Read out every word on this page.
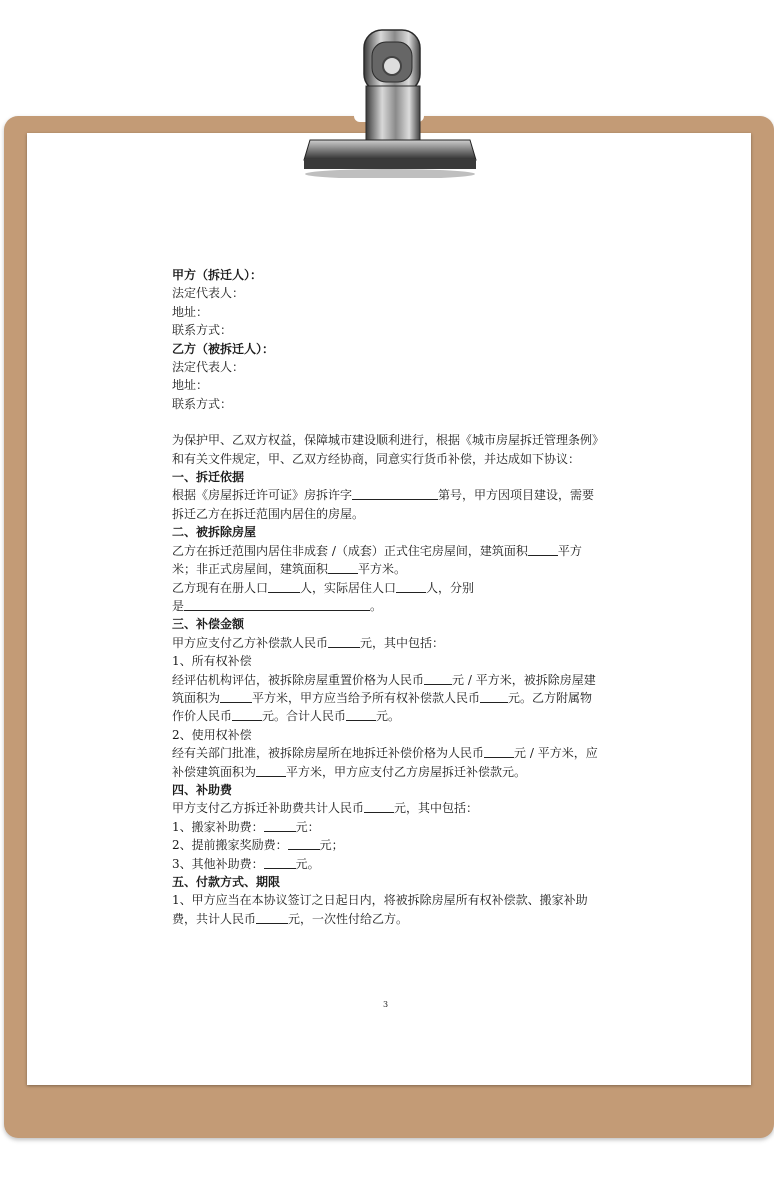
甲方（拆迁人）：

法定代表人：

地址：

联系方式：

乙方（被拆迁人）：

法定代表人：

地址：

联系方式：

为保护甲、乙双方权益，保障城市建设顺利进行，根据《城市房屋拆迁管理条例》和有关文件规定，甲、乙双方经协商，同意实行货币补偿，并达成如下协议：

一、拆迁依据

根据《房屋拆迁许可证》房拆许字	第号，甲方因项目建设，需要拆迁乙方在拆迁范围内居住的房屋。

二、被拆除房屋

乙方在拆迁范围内居住非成套 /（成套）正式住宅房屋间，建筑面积	平方米；非正式房屋间，建筑面积	平方米。

乙方现有在册人口	人，实际居住人口	人，分别

是	。

三、补偿金额

甲方应支付乙方补偿款人民币	元，其中包括：

1、所有权补偿

经评估机构评估，被拆除房屋重置价格为人民币 元 / 平方米，被拆除房屋建筑面积为	平方米，甲方应当给予所有权补偿款人民币 元。乙方附属物作价人民币	元。合计人民币	元。

2、使用权补偿

经有关部门批准，被拆除房屋所在地拆迁补偿价格为人民币	元 / 平方米，应补偿建筑面积为	平方米，甲方应支付乙方房屋拆迁补偿款元。

四、补助费

甲方支付乙方拆迁补助费共计人民币	元，其中包括：

1、搬家补助费：	元：

2、提前搬家奖励费：	元；

3、其他补助费：	元。

五、付款方式、期限

1、甲方应当在本协议签订之日起日内，将被拆除房屋所有权补偿款、搬家补助费，共计人民币	元，一次性付给乙方。

3
